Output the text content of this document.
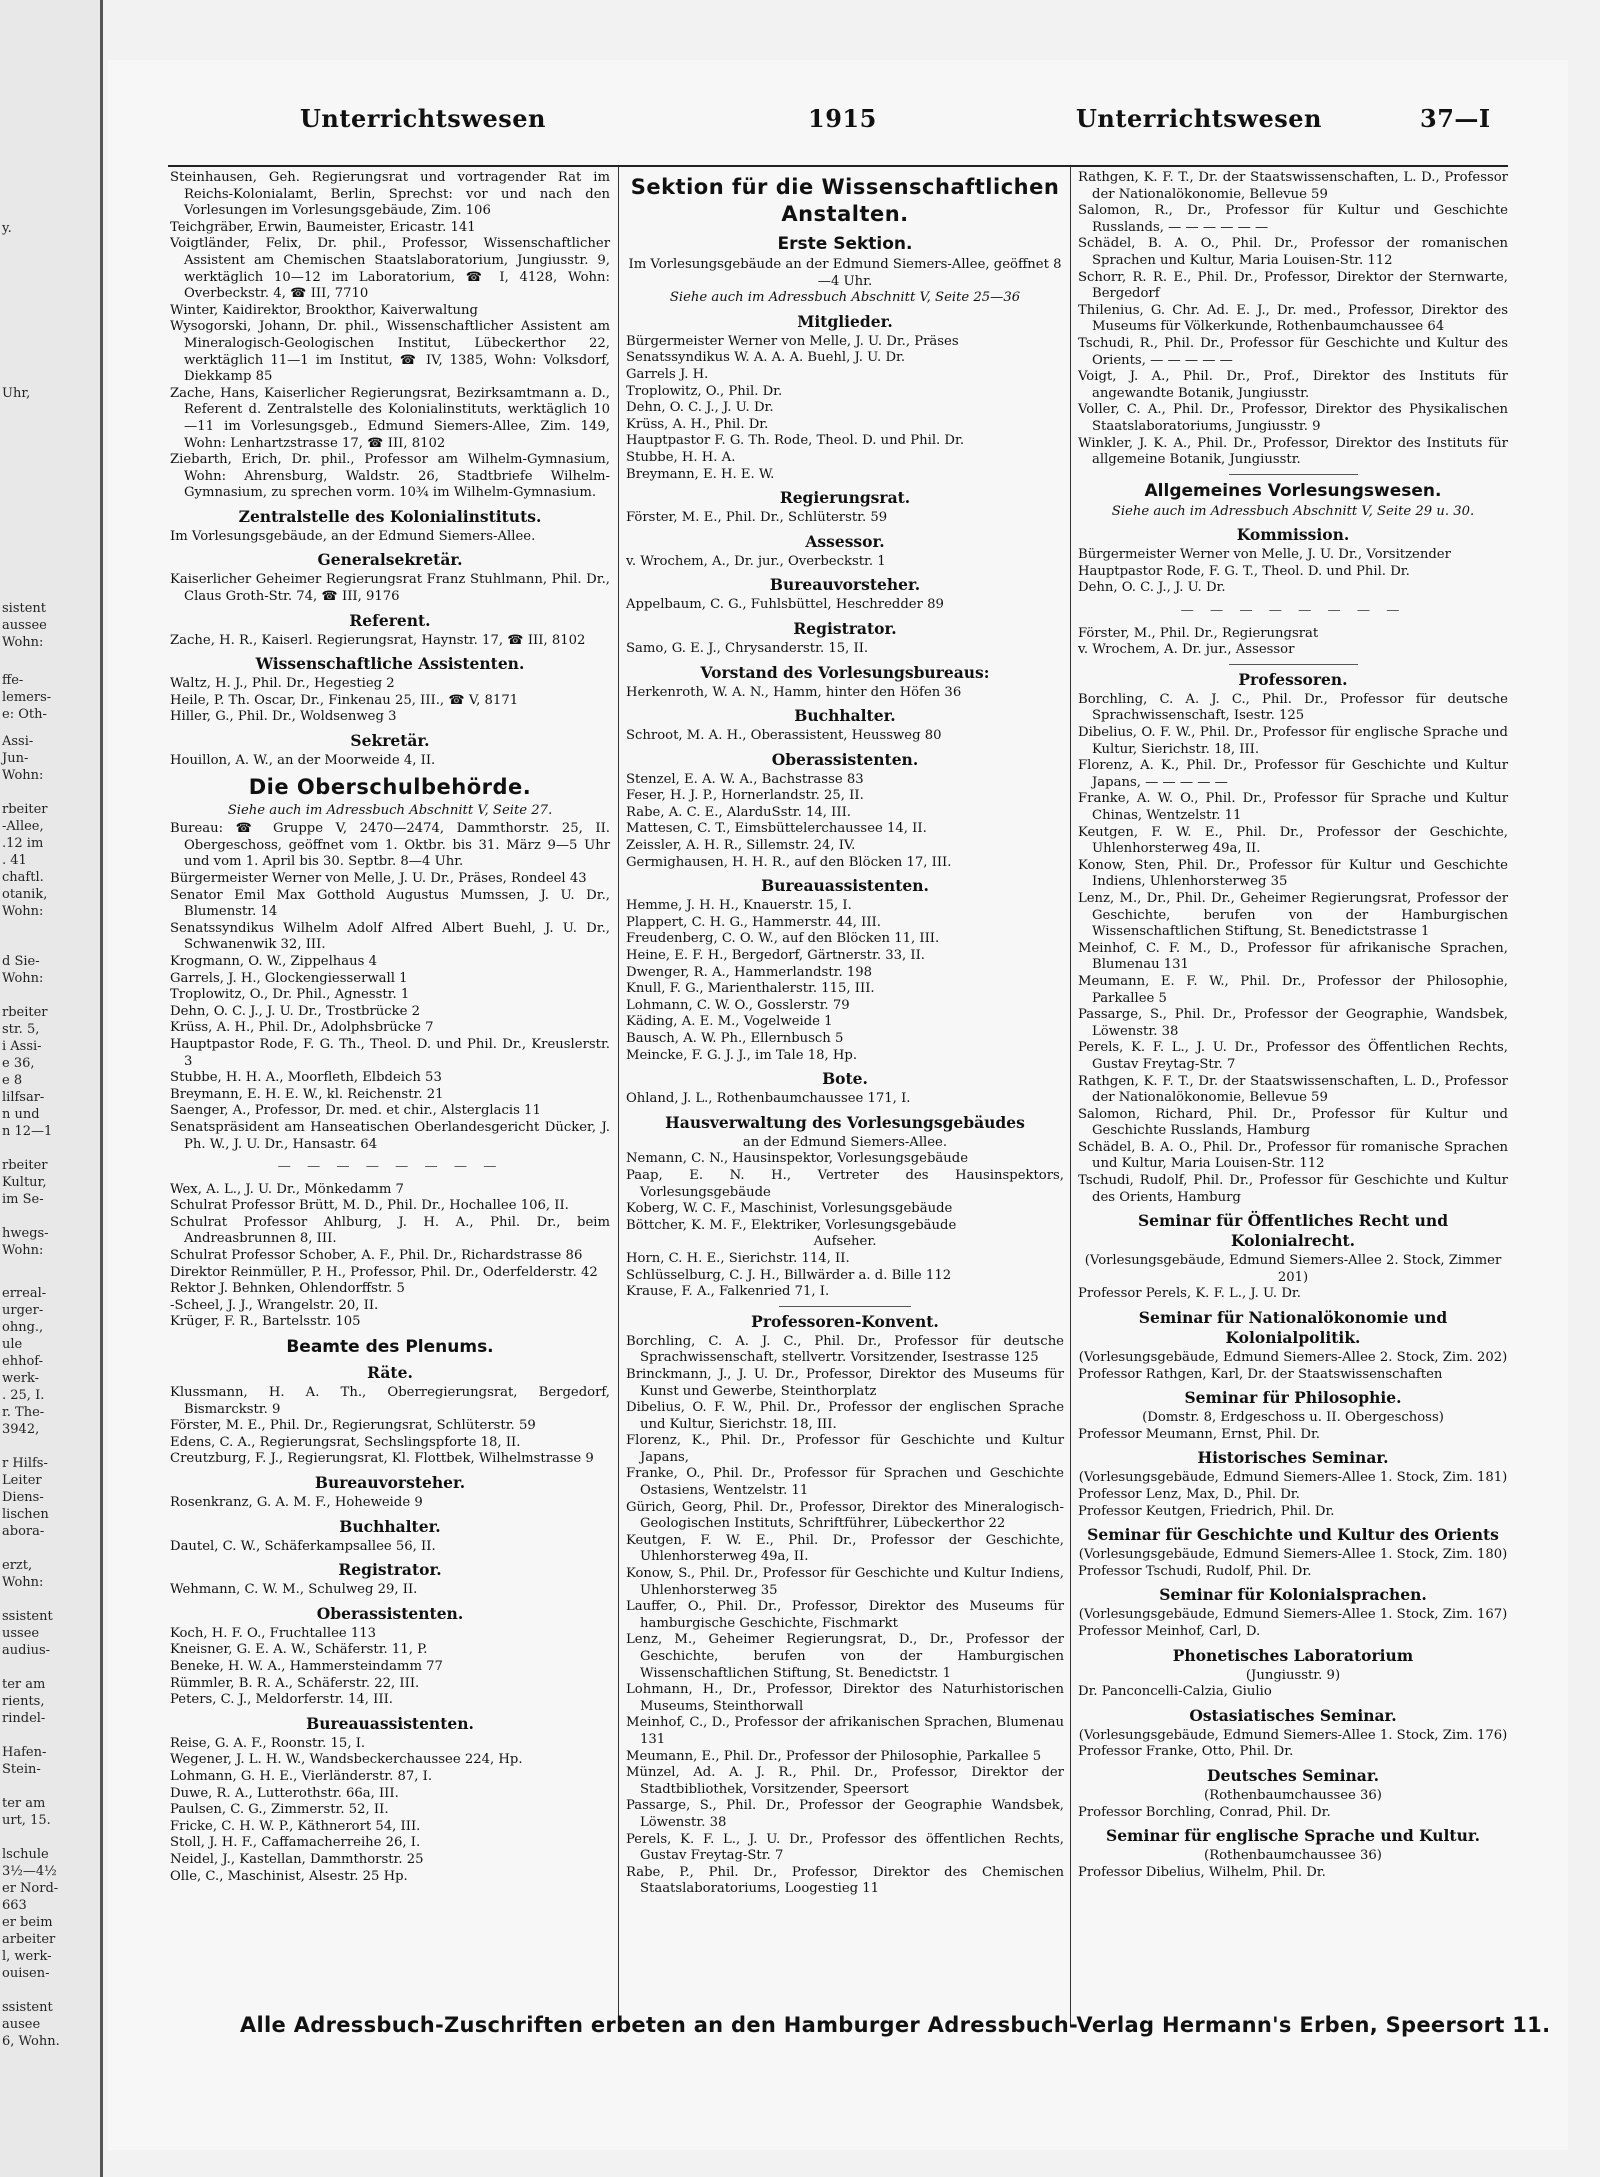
y.
Uhr,
sistent
aussee
Wohn:
ffe-
lemers-
e: Oth-
Assi-
Jun-
Wohn:
rbeiter
-Allee,
.12 im
. 41
chaftl.
otanik,
Wohn:
d Sie-
Wohn:
rbeiter
str. 5,
i Assi-
e 36,
e 8
lilfsar-
n und
n 12—1
rbeiter
Kultur,
im Se-
hwegs-
Wohn:
erreal-
urger-
ohng.,
ule
ehhof-
werk-
. 25, I.
r. The-
3942,
r Hilfs-
Leiter
Diens-
lischen
abora-
erzt,
Wohn:
ssistent
ussee
audius-
ter am
rients,
rindel-
Hafen-
Stein-
ter am
urt, 15.
lschule
3½—4½
er Nord-
663
er beim
arbeiter
l, werk-
ouisen-
ssistent
ausee
6, Wohn.
Unterrichtswesen	1915	Unterrichtswesen	37—I

Steinhausen, Geh. Regierungsrat und vortragender Rat im Reichs-Kolonialamt, Berlin, Sprechst: vor und nach den Vorlesungen im Vorlesungsgebäude, Zim. 106

Teichgräber, Erwin, Baumeister, Ericastr. 141

Voigtländer, Felix, Dr. phil., Professor, Wissenschaftlicher Assistent am Chemischen Staatslaboratorium, Jungiusstr. 9, werktäglich 10—12 im Laboratorium, ☎ I, 4128, Wohn: Overbeckstr. 4, ☎ III, 7710

Winter, Kaidirektor, Brookthor, Kaiverwaltung

Wysogorski, Johann, Dr. phil., Wissenschaftlicher Assistent am Mineralogisch-Geologischen Institut, Lübeckerthor 22, werktäglich 11—1 im Institut, ☎ IV, 1385, Wohn: Volksdorf, Diekkamp 85

Zache, Hans, Kaiserlicher Regierungsrat, Bezirksamtmann a. D., Referent d. Zentralstelle des Kolonialinstituts, werktäglich 10—11 im Vorlesungsgeb., Edmund Siemers-Allee, Zim. 149, Wohn: Lenhartzstrasse 17, ☎ III, 8102

Ziebarth, Erich, Dr. phil., Professor am Wilhelm-Gymnasium, Wohn: Ahrensburg, Waldstr. 26, Stadtbriefe Wilhelm-Gymnasium, zu sprechen vorm. 10¾ im Wilhelm-Gymnasium.

Zentralstelle des Kolonialinstituts.

Im Vorlesungsgebäude, an der Edmund Siemers-Allee.

Generalsekretär.

Kaiserlicher Geheimer Regierungsrat Franz Stuhlmann, Phil. Dr., Claus Groth-Str. 74, ☎ III, 9176

Referent.

Zache, H. R., Kaiserl. Regierungsrat, Haynstr. 17, ☎ III, 8102

Wissenschaftliche Assistenten.

Waltz, H. J., Phil. Dr., Hegestieg 2

Heile, P. Th. Oscar, Dr., Finkenau 25, III., ☎ V, 8171

Hiller, G., Phil. Dr., Woldsenweg 3

Sekretär.

Houillon, A. W., an der Moorweide 4, II.

Die Oberschulbehörde.
Siehe auch im Adressbuch Abschnitt V, Seite 27.

Bureau: ☎ Gruppe V, 2470—2474, Dammthorstr. 25, II. Obergeschoss, geöffnet vom 1. Oktbr. bis 31. März 9—5 Uhr und vom 1. April bis 30. Septbr. 8—4 Uhr.

Bürgermeister Werner von Melle, J. U. Dr., Präses, Rondeel 43

Senator Emil Max Gotthold Augustus Mumssen, J. U. Dr., Blumenstr. 14

Senatssyndikus Wilhelm Adolf Alfred Albert Buehl, J. U. Dr., Schwanenwik 32, III.

Krogmann, O. W., Zippelhaus 4

Garrels, J. H., Glockengiesserwall 1

Troplowitz, O., Dr. Phil., Agnesstr. 1

Dehn, O. C. J., J. U. Dr., Trostbrücke 2

Krüss, A. H., Phil. Dr., Adolphsbrücke 7

Hauptpastor Rode, F. G. Th., Theol. D. und Phil. Dr., Kreuslerstr. 3

Stubbe, H. H. A., Moorfleth, Elbdeich 53

Breymann, E. H. E. W., kl. Reichenstr. 21

Saenger, A., Professor, Dr. med. et chir., Alsterglacis 11

Senatspräsident am Hanseatischen Oberlandesgericht Dücker, J. Ph. W., J. U. Dr., Hansastr. 64

— — — — — — — —

Wex, A. L., J. U. Dr., Mönkedamm 7

Schulrat Professor Brütt, M. D., Phil. Dr., Hochallee 106, II.

Schulrat Professor Ahlburg, J. H. A., Phil. Dr., beim Andreasbrunnen 8, III.

Schulrat Professor Schober, A. F., Phil. Dr., Richardstrasse 86

Direktor Reinmüller, P. H., Professor, Phil. Dr., Oderfelderstr. 42

Rektor J. Behnken, Ohlendorffstr. 5

-Scheel, J. J., Wrangelstr. 20, II.

Krüger, F. R., Bartelsstr. 105

Beamte des Plenums.
Räte.

Klussmann, H. A. Th., Oberregierungsrat, Bergedorf, Bismarckstr. 9

Förster, M. E., Phil. Dr., Regierungsrat, Schlüterstr. 59

Edens, C. A., Regierungsrat, Sechslingspforte 18, II.

Creutzburg, F. J., Regierungsrat, Kl. Flottbek, Wilhelmstrasse 9

Bureauvorsteher.

Rosenkranz, G. A. M. F., Hoheweide 9

Buchhalter.

Dautel, C. W., Schäferkampsallee 56, II.

Registrator.

Wehmann, C. W. M., Schulweg 29, II.

Oberassistenten.

Koch, H. F. O., Fruchtallee 113

Kneisner, G. E. A. W., Schäferstr. 11, P.

Beneke, H. W. A., Hammersteindamm 77

Rümmler, B. R. A., Schäferstr. 22, III.

Peters, C. J., Meldorferstr. 14, III.

Bureauassistenten.

Reise, G. A. F., Roonstr. 15, I.

Wegener, J. L. H. W., Wandsbeckerchaussee 224, Hp.

Lohmann, G. H. E., Vierländerstr. 87, I.

Duwe, R. A., Lutterothstr. 66a, III.

Paulsen, C. G., Zimmerstr. 52, II.

Fricke, C. H. W. P., Käthnerort 54, III.

Stoll, J. H. F., Caffamacherreihe 26, I.

Neidel, J., Kastellan, Dammthorstr. 25

Olle, C., Maschinist, Alsestr. 25 Hp.

Sektion für die Wissenschaftlichen Anstalten.
Erste Sektion.
Im Vorlesungsgebäude an der Edmund Siemers-Allee, geöffnet 8—4 Uhr.
Siehe auch im Adressbuch Abschnitt V, Seite 25—36
Mitglieder.

Bürgermeister Werner von Melle, J. U. Dr., Präses

Senatssyndikus W. A. A. A. Buehl, J. U. Dr.

Garrels J. H.

Troplowitz, O., Phil. Dr.

Dehn, O. C. J., J. U. Dr.

Krüss, A. H., Phil. Dr.

Hauptpastor F. G. Th. Rode, Theol. D. und Phil. Dr.

Stubbe, H. H. A.

Breymann, E. H. E. W.

Regierungsrat.

Förster, M. E., Phil. Dr., Schlüterstr. 59

Assessor.

v. Wrochem, A., Dr. jur., Overbeckstr. 1

Bureauvorsteher.

Appelbaum, C. G., Fuhlsbüttel, Heschredder 89

Registrator.

Samo, G. E. J., Chrysanderstr. 15, II.

Vorstand des Vorlesungsbureaus:

Herkenroth, W. A. N., Hamm, hinter den Höfen 36

Buchhalter.

Schroot, M. A. H., Oberassistent, Heussweg 80

Oberassistenten.

Stenzel, E. A. W. A., Bachstrasse 83

Feser, H. J. P., Hornerlandstr. 25, II.

Rabe, A. C. E., AlarduSstr. 14, III.

Mattesen, C. T., Eimsbüttelerchaussee 14, II.

Zeissler, A. H. R., Sillemstr. 24, IV.

Germighausen, H. H. R., auf den Blöcken 17, III.

Bureauassistenten.

Hemme, J. H. H., Knauerstr. 15, I.

Plappert, C. H. G., Hammerstr. 44, III.

Freudenberg, C. O. W., auf den Blöcken 11, III.

Heine, E. F. H., Bergedorf, Gärtnerstr. 33, II.

Dwenger, R. A., Hammerlandstr. 198

Knull, F. G., Marienthalerstr. 115, III.

Lohmann, C. W. O., Gosslerstr. 79

Käding, A. E. M., Vogelweide 1

Bausch, A. W. Ph., Ellernbusch 5

Meincke, F. G. J. J., im Tale 18, Hp.

Bote.

Ohland, J. L., Rothenbaumchaussee 171, I.

Hausverwaltung des Vorlesungsgebäudes
an der Edmund Siemers-Allee.

Nemann, C. N., Hausinspektor, Vorlesungsgebäude

Paap, E. N. H., Vertreter des Hausinspektors, Vorlesungsgebäude

Koberg, W. C. F., Maschinist, Vorlesungsgebäude

Böttcher, K. M. F., Elektriker, Vorlesungsgebäude

Aufseher.

Horn, C. H. E., Sierichstr. 114, II.

Schlüsselburg, C. J. H., Billwärder a. d. Bille 112

Krause, F. A., Falkenried 71, I.

Professoren-Konvent.

Borchling, C. A. J. C., Phil. Dr., Professor für deutsche Sprachwissenschaft, stellvertr. Vorsitzender, Isestrasse 125

Brinckmann, J., J. U. Dr., Professor, Direktor des Museums für Kunst und Gewerbe, Steinthorplatz

Dibelius, O. F. W., Phil. Dr., Professor der englischen Sprache und Kultur, Sierichstr. 18, III.

Florenz, K., Phil. Dr., Professor für Geschichte und Kultur Japans,

Franke, O., Phil. Dr., Professor für Sprachen und Geschichte Ostasiens, Wentzelstr. 11

Gürich, Georg, Phil. Dr., Professor, Direktor des Mineralogisch-Geologischen Instituts, Schriftführer, Lübeckerthor 22

Keutgen, F. W. E., Phil. Dr., Professor der Geschichte, Uhlenhorsterweg 49a, II.

Konow, S., Phil. Dr., Professor für Geschichte und Kultur Indiens, Uhlenhorsterweg 35

Lauffer, O., Phil. Dr., Professor, Direktor des Museums für hamburgische Geschichte, Fischmarkt

Lenz, M., Geheimer Regierungsrat, D., Dr., Professor der Geschichte, berufen von der Hamburgischen Wissenschaftlichen Stiftung, St. Benedictstr. 1

Lohmann, H., Dr., Professor, Direktor des Naturhistorischen Museums, Steinthorwall

Meinhof, C., D., Professor der afrikanischen Sprachen, Blumenau 131

Meumann, E., Phil. Dr., Professor der Philosophie, Parkallee 5

Münzel, Ad. A. J. R., Phil. Dr., Professor, Direktor der Stadtbibliothek, Vorsitzender, Speersort

Passarge, S., Phil. Dr., Professor der Geographie Wandsbek, Löwenstr. 38

Perels, K. F. L., J. U. Dr., Professor des öffentlichen Rechts, Gustav Freytag-Str. 7

Rabe, P., Phil. Dr., Professor, Direktor des Chemischen Staatslaboratoriums, Loogestieg 11

Rathgen, K. F. T., Dr. der Staatswissenschaften, L. D., Professor der Nationalökonomie, Bellevue 59

Salomon, R., Dr., Professor für Kultur und Geschichte Russlands, — — — — — —

Schädel, B. A. O., Phil. Dr., Professor der romanischen Sprachen und Kultur, Maria Louisen-Str. 112

Schorr, R. R. E., Phil. Dr., Professor, Direktor der Sternwarte, Bergedorf

Thilenius, G. Chr. Ad. E. J., Dr. med., Professor, Direktor des Museums für Völkerkunde, Rothenbaumchaussee 64

Tschudi, R., Phil. Dr., Professor für Geschichte und Kultur des Orients, — — — — —

Voigt, J. A., Phil. Dr., Prof., Direktor des Instituts für angewandte Botanik, Jungiusstr.

Voller, C. A., Phil. Dr., Professor, Direktor des Physikalischen Staatslaboratoriums, Jungiusstr. 9

Winkler, J. K. A., Phil. Dr., Professor, Direktor des Instituts für allgemeine Botanik, Jungiusstr.

Allgemeines Vorlesungswesen.
Siehe auch im Adressbuch Abschnitt V, Seite 29 u. 30.
Kommission.

Bürgermeister Werner von Melle, J. U. Dr., Vorsitzender

Hauptpastor Rode, F. G. T., Theol. D. und Phil. Dr.

Dehn, O. C. J., J. U. Dr.

— — — — — — — —

Förster, M., Phil. Dr., Regierungsrat

v. Wrochem, A. Dr. jur., Assessor

Professoren.

Borchling, C. A. J. C., Phil. Dr., Professor für deutsche Sprachwissenschaft, Isestr. 125

Dibelius, O. F. W., Phil. Dr., Professor für englische Sprache und Kultur, Sierichstr. 18, III.

Florenz, A. K., Phil. Dr., Professor für Geschichte und Kultur Japans, — — — — —

Franke, A. W. O., Phil. Dr., Professor für Sprache und Kultur Chinas, Wentzelstr. 11

Keutgen, F. W. E., Phil. Dr., Professor der Geschichte, Uhlenhorsterweg 49a, II.

Konow, Sten, Phil. Dr., Professor für Kultur und Geschichte Indiens, Uhlenhorsterweg 35

Lenz, M., Dr., Phil. Dr., Geheimer Regierungsrat, Professor der Geschichte, berufen von der Hamburgischen Wissenschaftlichen Stiftung, St. Benedictstrasse 1

Meinhof, C. F. M., D., Professor für afrikanische Sprachen, Blumenau 131

Meumann, E. F. W., Phil. Dr., Professor der Philosophie, Parkallee 5

Passarge, S., Phil. Dr., Professor der Geographie, Wandsbek, Löwenstr. 38

Perels, K. F. L., J. U. Dr., Professor des Öffentlichen Rechts, Gustav Freytag-Str. 7

Rathgen, K. F. T., Dr. der Staatswissenschaften, L. D., Professor der Nationalökonomie, Bellevue 59

Salomon, Richard, Phil. Dr., Professor für Kultur und Geschichte Russlands, Hamburg

Schädel, B. A. O., Phil. Dr., Professor für romanische Sprachen und Kultur, Maria Louisen-Str. 112

Tschudi, Rudolf, Phil. Dr., Professor für Geschichte und Kultur des Orients, Hamburg

Seminar für Öffentliches Recht und Kolonialrecht.
(Vorlesungsgebäude, Edmund Siemers-Allee 2. Stock, Zimmer 201)

Professor Perels, K. F. L., J. U. Dr.

Seminar für Nationalökonomie und Kolonialpolitik.
(Vorlesungsgebäude, Edmund Siemers-Allee 2. Stock, Zim. 202)

Professor Rathgen, Karl, Dr. der Staatswissenschaften

Seminar für Philosophie.
(Domstr. 8, Erdgeschoss u. II. Obergeschoss)

Professor Meumann, Ernst, Phil. Dr.

Historisches Seminar.
(Vorlesungsgebäude, Edmund Siemers-Allee 1. Stock, Zim. 181)

Professor Lenz, Max, D., Phil. Dr.

Professor Keutgen, Friedrich, Phil. Dr.

Seminar für Geschichte und Kultur des Orients
(Vorlesungsgebäude, Edmund Siemers-Allee 1. Stock, Zim. 180)

Professor Tschudi, Rudolf, Phil. Dr.

Seminar für Kolonialsprachen.
(Vorlesungsgebäude, Edmund Siemers-Allee 1. Stock, Zim. 167)

Professor Meinhof, Carl, D.

Phonetisches Laboratorium
(Jungiusstr. 9)

Dr. Panconcelli-Calzia, Giulio

Ostasiatisches Seminar.
(Vorlesungsgebäude, Edmund Siemers-Allee 1. Stock, Zim. 176)

Professor Franke, Otto, Phil. Dr.

Deutsches Seminar.
(Rothenbaumchaussee 36)

Professor Borchling, Conrad, Phil. Dr.

Seminar für englische Sprache und Kultur.
(Rothenbaumchaussee 36)

Professor Dibelius, Wilhelm, Phil. Dr.

Alle Adressbuch-Zuschriften erbeten an den Hamburger Adressbuch-Verlag Hermann's Erben, Speersort 11.
